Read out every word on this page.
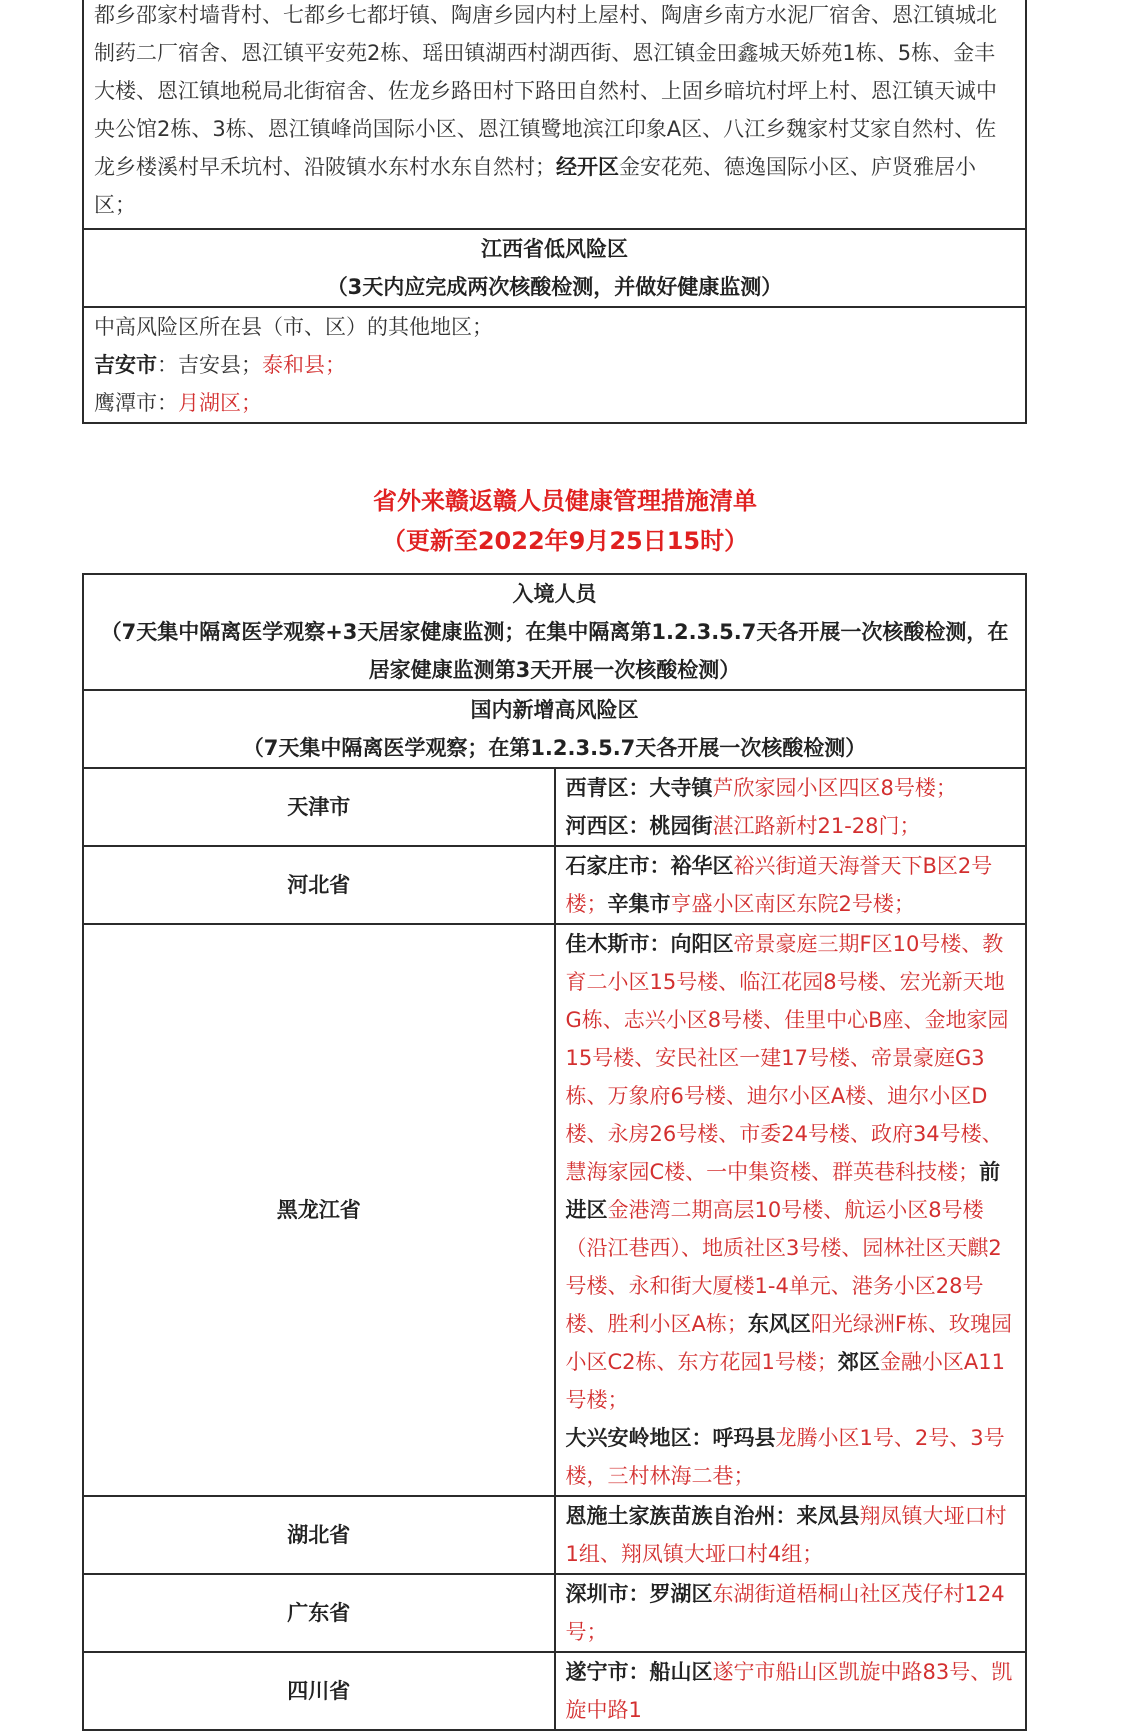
都乡邵家村墙背村、七都乡七都圩镇、陶唐乡园内村上屋村、陶唐乡南方水泥厂宿舍、恩江镇城北制药二厂宿舍、恩江镇平安苑2栋、瑶田镇湖西村湖西街、恩江镇金田鑫城天娇苑1栋、5栋、金丰大楼、恩江镇地税局北街宿舍、佐龙乡路田村下路田自然村、上固乡暗坑村坪上村、恩江镇天诚中央公馆2栋、3栋、恩江镇峰尚国际小区、恩江镇鹭地滨江印象A区、八江乡魏家村艾家自然村、佐龙乡楼溪村早禾坑村、沿陂镇水东村水东自然村；经开区金安花苑、德逸国际小区、庐贤雅居小区；

江西省低风险区
（3天内应完成两次核酸检测，并做好健康监测）

中高风险区所在县（市、区）的其他地区；
吉安市：吉安县；泰和县；
鹰潭市：月湖区；
省外来赣返赣人员健康管理措施清单
（更新至2022年9月25日15时）
入境人员
（7天集中隔离医学观察+3天居家健康监测；在集中隔离第1.2.3.5.7天各开展一次核酸检测，在居家健康监测第3天开展一次核酸检测）	

国内新增高风险区
（7天集中隔离医学观察；在第1.2.3.5.7天各开展一次核酸检测）	

天津市	西青区：大寺镇芦欣家园小区四区8号楼；
河西区：桃园街湛江路新村21-28门；

河北省	石家庄市：裕华区裕兴街道天海誉天下B区2号楼；辛集市亨盛小区南区东院2号楼；
黑龙江省	佳木斯市：向阳区帝景豪庭三期F区10号楼、教育二小区15号楼、临江花园8号楼、宏光新天地G栋、志兴小区8号楼、佳里中心B座、金地家园15号楼、安民社区一建17号楼、帝景豪庭G3栋、万象府6号楼、迪尔小区A楼、迪尔小区D楼、永房26号楼、市委24号楼、政府34号楼、慧海家园C楼、一中集资楼、群英巷科技楼；前进区金港湾二期高层10号楼、航运小区8号楼（沿江巷西）、地质社区3号楼、园林社区天麒2号楼、永和街大厦楼1-4单元、港务小区28号楼、胜利小区A栋；东风区阳光绿洲F栋、玫瑰园小区C2栋、东方花园1号楼；郊区金融小区A11号楼；
大兴安岭地区：呼玛县龙腾小区1号、2号、3号楼，三村林海二巷；

湖北省	恩施土家族苗族自治州：来凤县翔凤镇大垭口村1组、翔凤镇大垭口村4组；
广东省	深圳市：罗湖区东湖街道梧桐山社区茂仔村124号；
四川省	遂宁市：船山区遂宁市船山区凯旋中路83号、凯旋中路1
